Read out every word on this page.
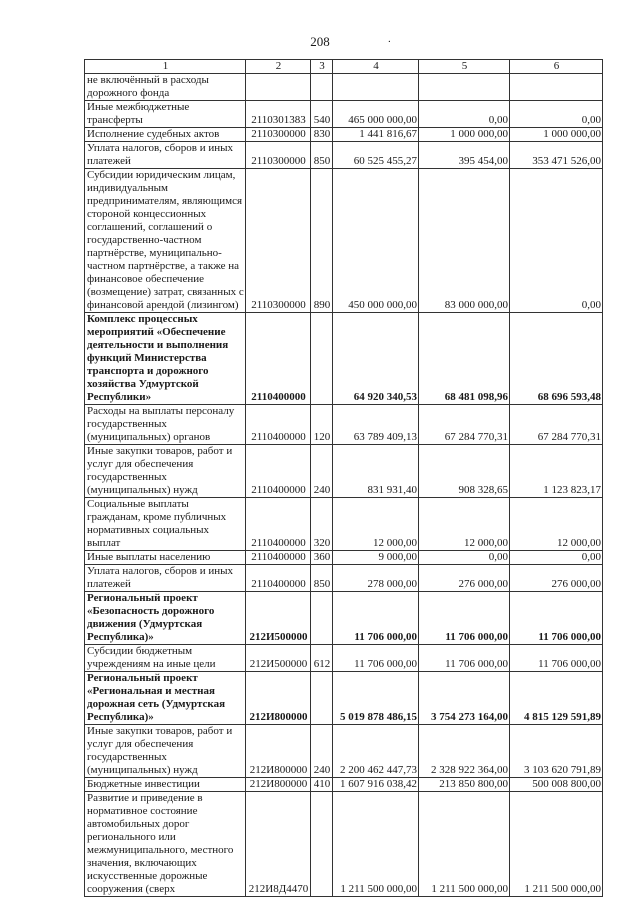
208	.
1	2	3	4	5	6
не включённый в расходы дорожного фонда					
Иные межбюджетные трансферты	2110301383	540	465 000 000,00	0,00	0,00
Исполнение судебных актов	2110300000	830	1 441 816,67	1 000 000,00	1 000 000,00
Уплата налогов, сборов и иных платежей	2110300000	850	60 525 455,27	395 454,00	353 471 526,00
Субсидии юридическим лицам, индивидуальным предпринимателям, являющимся стороной концессионных соглашений, соглашений о государственно-частном партнёрстве, муниципально-частном партнёрстве, а также на финансовое обеспечение (возмещение) затрат, связанных с финансовой арендой (лизингом)	2110300000	890	450 000 000,00	83 000 000,00	0,00
Комплекс процессных мероприятий «Обеспечение деятельности и выполнения функций Министерства транспорта и дорожного хозяйства Удмуртской Республики»	2110400000		64 920 340,53	68 481 098,96	68 696 593,48
Расходы на выплаты персоналу государственных (муниципальных) органов	2110400000	120	63 789 409,13	67 284 770,31	67 284 770,31
Иные закупки товаров, работ и услуг для обеспечения государственных (муниципальных) нужд	2110400000	240	831 931,40	908 328,65	1 123 823,17
Социальные выплаты гражданам, кроме публичных нормативных социальных выплат	2110400000	320	12 000,00	12 000,00	12 000,00
Иные выплаты населению	2110400000	360	9 000,00	0,00	0,00
Уплата налогов, сборов и иных платежей	2110400000	850	278 000,00	276 000,00	276 000,00
Региональный проект «Безопасность дорожного движения (Удмуртская Республика)»	212И500000		11 706 000,00	11 706 000,00	11 706 000,00
Субсидии бюджетным учреждениям на иные цели	212И500000	612	11 706 000,00	11 706 000,00	11 706 000,00
Региональный проект «Региональная и местная дорожная сеть (Удмуртская Республика)»	212И800000		5 019 878 486,15	3 754 273 164,00	4 815 129 591,89
Иные закупки товаров, работ и услуг для обеспечения государственных (муниципальных) нужд	212И800000	240	2 200 462 447,73	2 328 922 364,00	3 103 620 791,89
Бюджетные инвестиции	212И800000	410	1 607 916 038,42	213 850 800,00	500 008 800,00
Развитие и приведение в нормативное состояние автомобильных дорог регионального или межмуниципального, местного значения, включающих искусственные дорожные сооружения (сверх	212И8Д4470		1 211 500 000,00	1 211 500 000,00	1 211 500 000,00
